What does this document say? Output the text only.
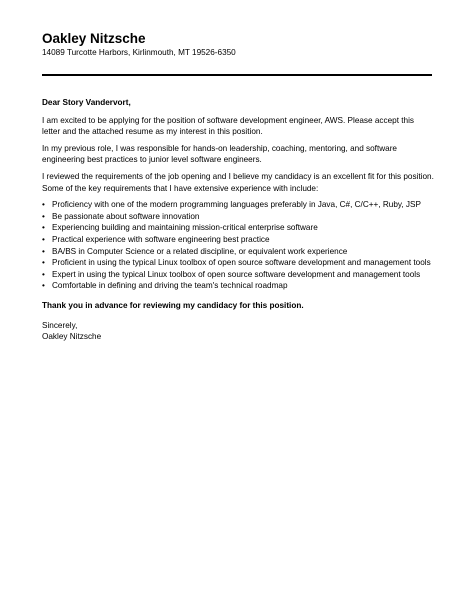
Oakley Nitzsche
14089 Turcotte Harbors, Kirlinmouth, MT 19526-6350

Dear Story Vandervort,

I am excited to be applying for the position of software development engineer, AWS. Please accept this letter and the attached resume as my interest in this position.

In my previous role, I was responsible for hands-on leadership, coaching, mentoring, and software engineering best practices to junior level software engineers.

I reviewed the requirements of the job opening and I believe my candidacy is an excellent fit for this position. Some of the key requirements that I have extensive experience with include:

• Proficiency with one of the modern programming languages preferably in Java, C#, C/C++, Ruby, JSP
• Be passionate about software innovation
• Experiencing building and maintaining mission-critical enterprise software
• Practical experience with software engineering best practice
• BA/BS in Computer Science or a related discipline, or equivalent work experience
• Proficient in using the typical Linux toolbox of open source software development and management tools
• Expert in using the typical Linux toolbox of open source software development and management tools
• Comfortable in defining and driving the team's technical roadmap

Thank you in advance for reviewing my candidacy for this position.

Sincerely,

Oakley Nitzsche
